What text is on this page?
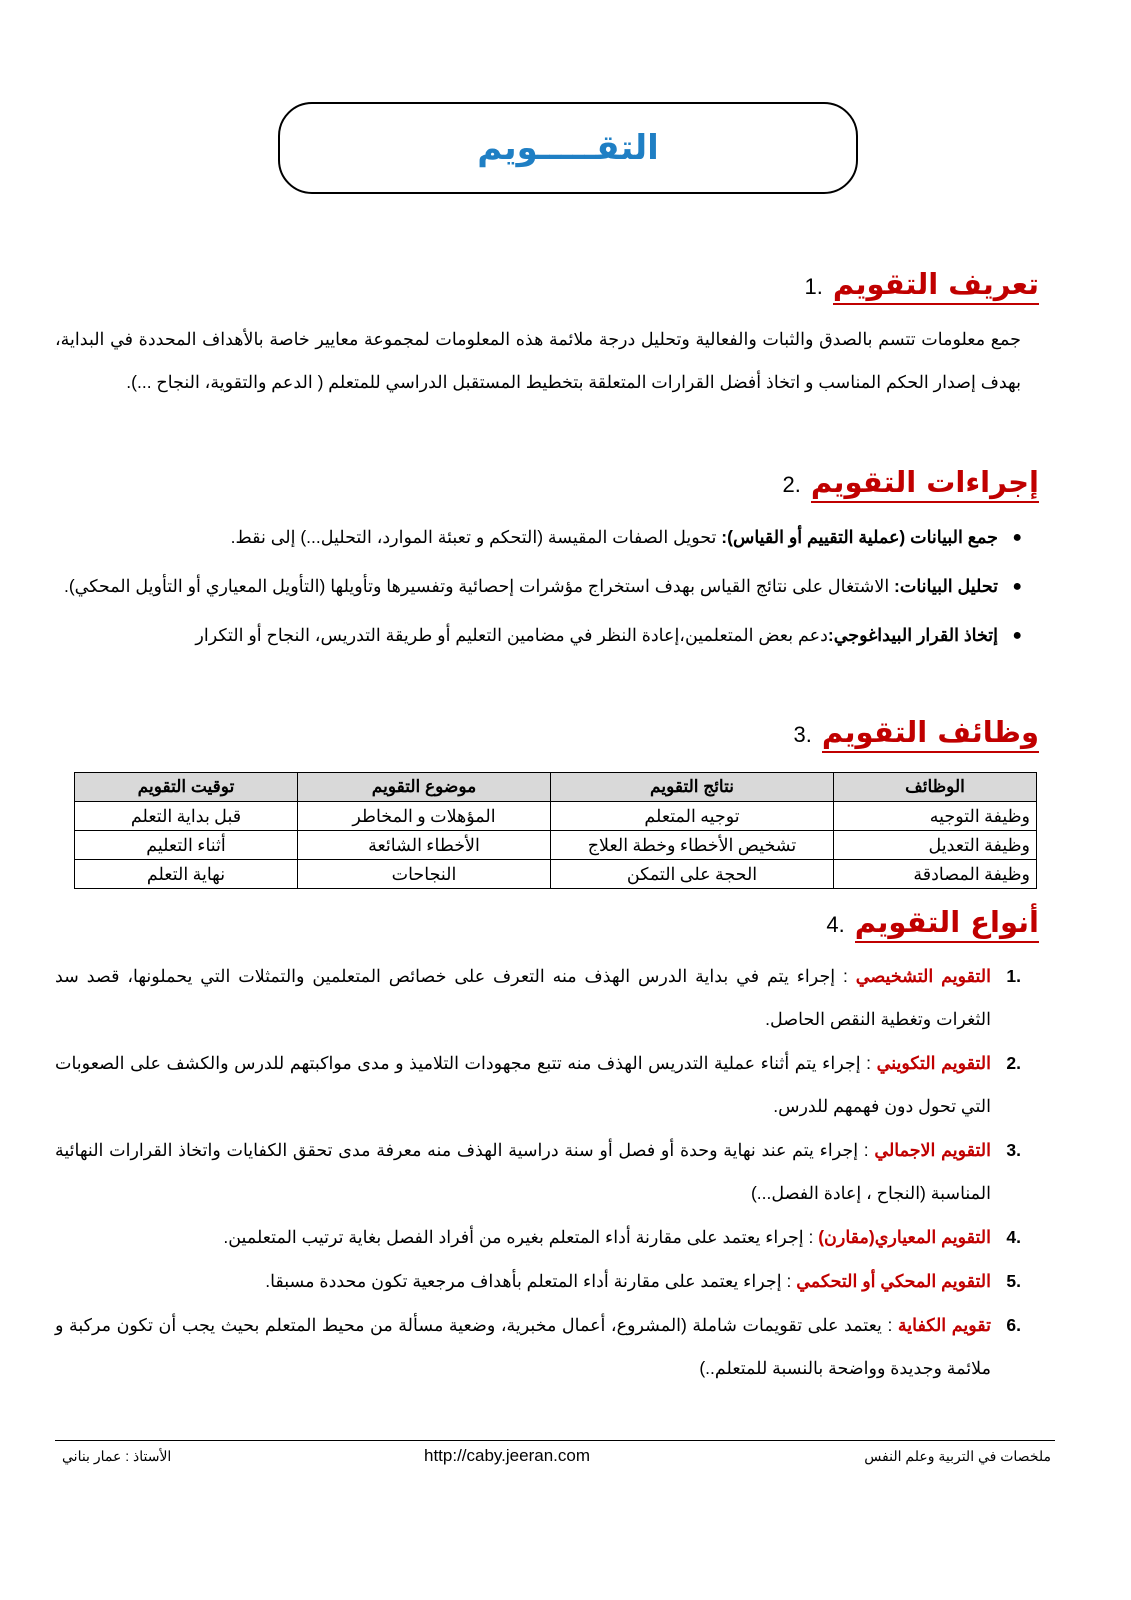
التقـــــويم
تعريف التقويم
.1
جمع معلومات تتسم بالصدق والثبات والفعالية وتحليل درجة ملائمة هذه المعلومات لمجموعة معايير خاصة بالأهداف المحددة في البداية، بهدف إصدار الحكم المناسب و اتخاذ أفضل القرارات المتعلقة بتخطيط المستقبل الدراسي للمتعلم ( الدعم والتقوية، النجاح ...).
إجراءات التقويم
.2
●
جمع البيانات (عملية التقييم أو القياس): تحويل الصفات المقيسة (التحكم و تعبئة الموارد، التحليل...) إلى نقط.
●
تحليل البيانات: الاشتغال على نتائج القياس بهدف استخراج مؤشرات إحصائية وتفسيرها وتأويلها (التأويل المعياري أو التأويل المحكي).
●
إتخاذ القرار البيداغوجي:دعم بعض المتعلمين،إعادة النظر في مضامين التعليم أو طريقة التدريس، النجاح أو التكرار
وظائف التقويم
.3
الوظائف	نتائج التقويم	موضوع التقويم	توقيت التقويم
وظيفة التوجيه	توجيه المتعلم	المؤهلات و المخاطر	قبل بداية التعلم
وظيفة التعديل	تشخيص الأخطاء وخطة العلاج	الأخطاء الشائعة	أثناء التعليم
وظيفة المصادقة	الحجة على التمكن	النجاحات	نهاية التعلم
أنواع التقويم
.4
.1
التقويم التشخيصي : إجراء يتم في بداية الدرس الهذف منه التعرف على خصائص المتعلمين والتمثلات التي يحملونها، قصد سد الثغرات وتغطية النقص الحاصل.
.2
التقويم التكويني : إجراء يتم أثناء عملية التدريس الهذف منه تتبع مجهودات التلاميذ و مدى مواكبتهم للدرس والكشف على الصعوبات التي تحول دون فهمهم للدرس.
.3
التقويم الاجمالي : إجراء يتم عند نهاية وحدة أو فصل أو سنة دراسية الهذف منه معرفة مدى تحقق الكفايات واتخاذ القرارات النهائية المناسبة (النجاح ، إعادة الفصل...)
.4
التقويم المعياري(مقارن) : إجراء يعتمد على مقارنة أداء المتعلم بغيره من أفراد الفصل بغاية ترتيب المتعلمين.
.5
التقويم المحكي أو التحكمي : إجراء يعتمد على مقارنة أداء المتعلم بأهداف مرجعية تكون محددة مسبقا.
.6
تقويم الكفاية : يعتمد على تقويمات شاملة (المشروع، أعمال مخبرية، وضعية مسألة من محيط المتعلم بحيث يجب أن تكون مركبة و ملائمة وجديدة وواضحة بالنسبة للمتعلم..)
ملخصات في التربية وعلم النفس
http://caby.jeeran.com
الأستاذ : عمار بناني
